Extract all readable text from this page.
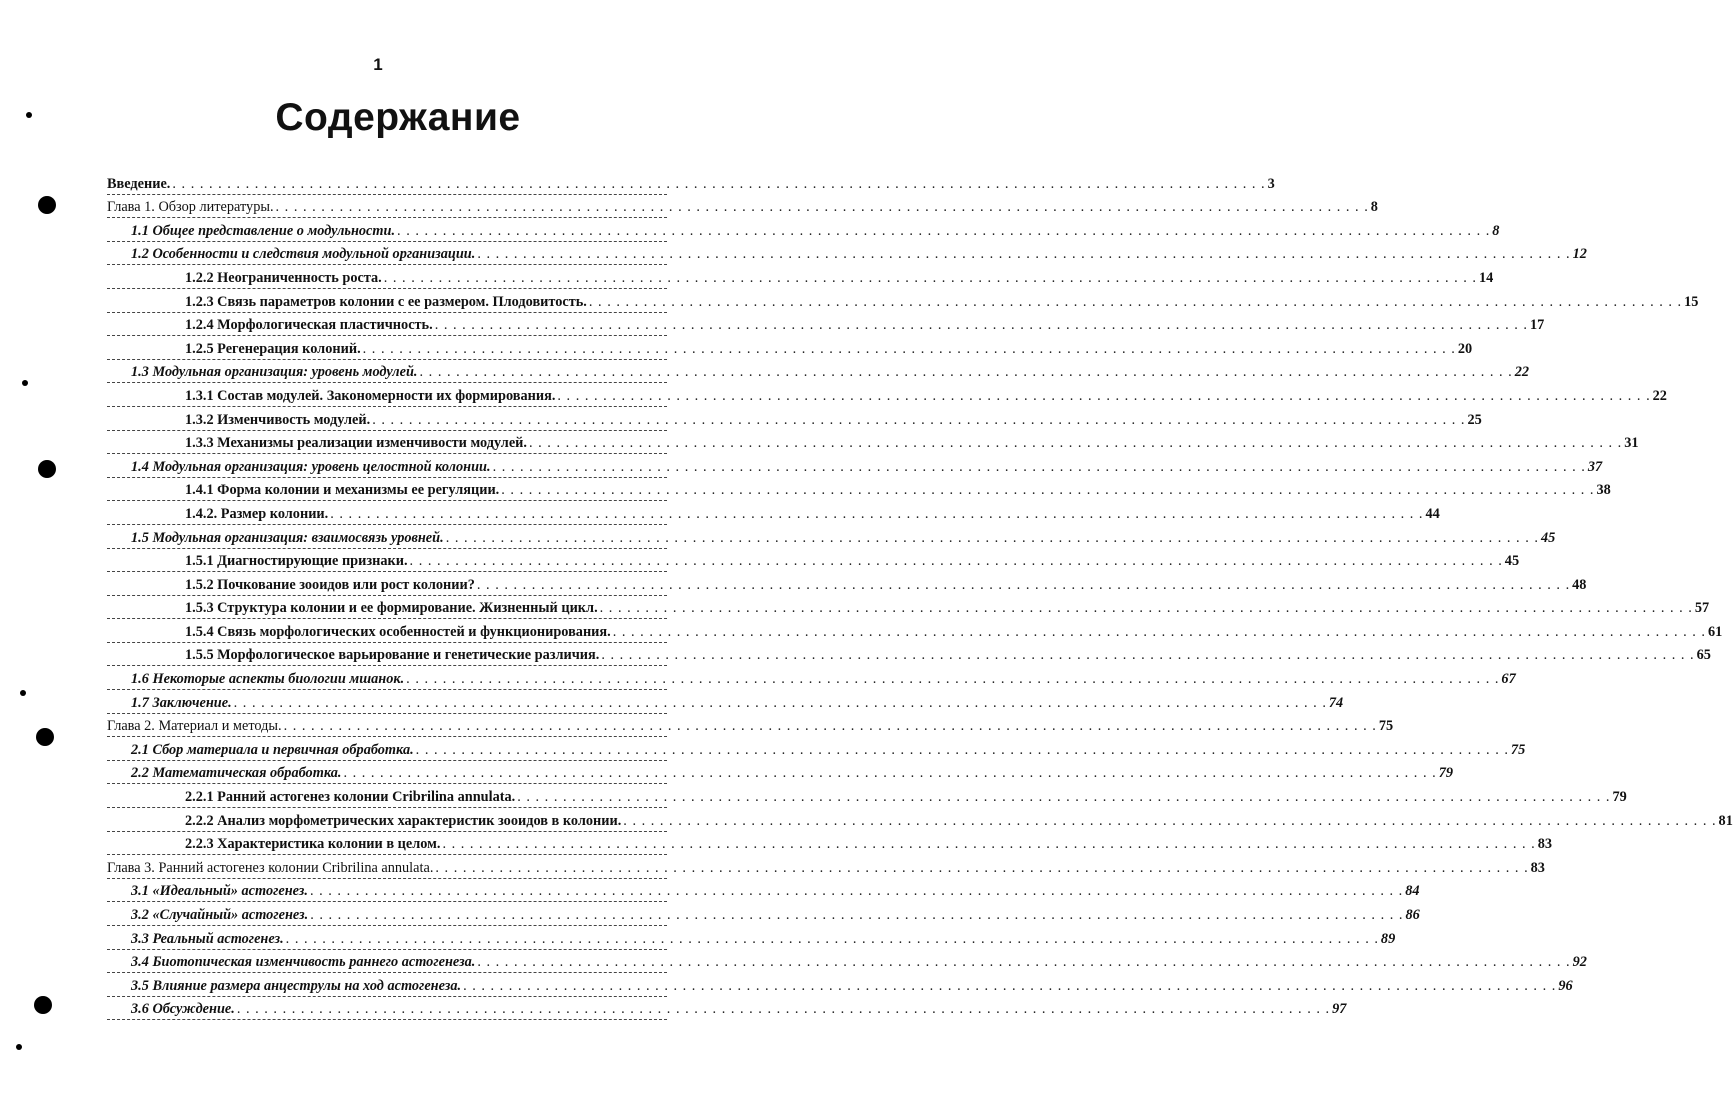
1
Содержание
Введение. . . . . . . . . . . . . . . . . . . . . . . . . . . . . . . . . . . . . . . . . . . . . . . . . . . . . . . . . . . . . . . . . . . . . . . . . . . . . . . . . . . . . . . . . . . . . . . . . . . . . . . . . . . . . . . . . . . . . . . . . 3
Глава 1. Обзор литературы. . . . . . . . . . . . . . . . . . . . . . . . . . . . . . . . . . . . . . . . . . . . . . . . . . . . . . . . . . . . . . . . . . . . . . . . . . . . . . . . . . . . . . . . . . . . . . . . . . . . . . . . . . . . . . . . . . . . . . . . . 8
1.1 Общее представление о модульности. . . . . . . . . . . . . . . . . . . . . . . . . . . . . . . . . . . . . . . . . . . . . . . . . . . . . . . . . . . . . . . . . . . . . . . . . . . . . . . . . . . . . . . . . . . . . . . . . . . . . . . . . . . . . . . . . . . . . . . . . 8
1.2 Особенности и следствия модульной организации. . . . . . . . . . . . . . . . . . . . . . . . . . . . . . . . . . . . . . . . . . . . . . . . . . . . . . . . . . . . . . . . . . . . . . . . . . . . . . . . . . . . . . . . . . . . . . . . . . . . . . . . . . . . . . . . . . . . . . . . . 12
1.2.2 Неограниченность роста. . . . . . . . . . . . . . . . . . . . . . . . . . . . . . . . . . . . . . . . . . . . . . . . . . . . . . . . . . . . . . . . . . . . . . . . . . . . . . . . . . . . . . . . . . . . . . . . . . . . . . . . . . . . . . . . . . . . . . . . . 14
1.2.3 Связь параметров колонии с ее размером. Плодовитость. . . . . . . . . . . . . . . . . . . . . . . . . . . . . . . . . . . . . . . . . . . . . . . . . . . . . . . . . . . . . . . . . . . . . . . . . . . . . . . . . . . . . . . . . . . . . . . . . . . . . . . . . . . . . . . . . . . . . . . . . 15
1.2.4 Морфологическая пластичность. . . . . . . . . . . . . . . . . . . . . . . . . . . . . . . . . . . . . . . . . . . . . . . . . . . . . . . . . . . . . . . . . . . . . . . . . . . . . . . . . . . . . . . . . . . . . . . . . . . . . . . . . . . . . . . . . . . . . . . . . 17
1.2.5 Регенерация колоний. . . . . . . . . . . . . . . . . . . . . . . . . . . . . . . . . . . . . . . . . . . . . . . . . . . . . . . . . . . . . . . . . . . . . . . . . . . . . . . . . . . . . . . . . . . . . . . . . . . . . . . . . . . . . . . . . . . . . . . . . 20
1.3 Модульная организация: уровень модулей. . . . . . . . . . . . . . . . . . . . . . . . . . . . . . . . . . . . . . . . . . . . . . . . . . . . . . . . . . . . . . . . . . . . . . . . . . . . . . . . . . . . . . . . . . . . . . . . . . . . . . . . . . . . . . . . . . . . . . . . . 22
1.3.1 Состав модулей. Закономерности их формирования. . . . . . . . . . . . . . . . . . . . . . . . . . . . . . . . . . . . . . . . . . . . . . . . . . . . . . . . . . . . . . . . . . . . . . . . . . . . . . . . . . . . . . . . . . . . . . . . . . . . . . . . . . . . . . . . . . . . . . . . . 22
1.3.2 Изменчивость модулей. . . . . . . . . . . . . . . . . . . . . . . . . . . . . . . . . . . . . . . . . . . . . . . . . . . . . . . . . . . . . . . . . . . . . . . . . . . . . . . . . . . . . . . . . . . . . . . . . . . . . . . . . . . . . . . . . . . . . . . . . 25
1.3.3 Механизмы реализации изменчивости модулей. . . . . . . . . . . . . . . . . . . . . . . . . . . . . . . . . . . . . . . . . . . . . . . . . . . . . . . . . . . . . . . . . . . . . . . . . . . . . . . . . . . . . . . . . . . . . . . . . . . . . . . . . . . . . . . . . . . . . . . . . 31
1.4 Модульная организация: уровень целостной колонии. . . . . . . . . . . . . . . . . . . . . . . . . . . . . . . . . . . . . . . . . . . . . . . . . . . . . . . . . . . . . . . . . . . . . . . . . . . . . . . . . . . . . . . . . . . . . . . . . . . . . . . . . . . . . . . . . . . . . . . . . 37
1.4.1 Форма колонии и механизмы ее регуляции. . . . . . . . . . . . . . . . . . . . . . . . . . . . . . . . . . . . . . . . . . . . . . . . . . . . . . . . . . . . . . . . . . . . . . . . . . . . . . . . . . . . . . . . . . . . . . . . . . . . . . . . . . . . . . . . . . . . . . . . . 38
1.4.2. Размер колонии. . . . . . . . . . . . . . . . . . . . . . . . . . . . . . . . . . . . . . . . . . . . . . . . . . . . . . . . . . . . . . . . . . . . . . . . . . . . . . . . . . . . . . . . . . . . . . . . . . . . . . . . . . . . . . . . . . . . . . . . . 44
1.5 Модульная организация: взаимосвязь уровней. . . . . . . . . . . . . . . . . . . . . . . . . . . . . . . . . . . . . . . . . . . . . . . . . . . . . . . . . . . . . . . . . . . . . . . . . . . . . . . . . . . . . . . . . . . . . . . . . . . . . . . . . . . . . . . . . . . . . . . . . 45
1.5.1 Диагностирующие признаки. . . . . . . . . . . . . . . . . . . . . . . . . . . . . . . . . . . . . . . . . . . . . . . . . . . . . . . . . . . . . . . . . . . . . . . . . . . . . . . . . . . . . . . . . . . . . . . . . . . . . . . . . . . . . . . . . . . . . . . . . 45
1.5.2 Почкование зооидов или рост колонии? . . . . . . . . . . . . . . . . . . . . . . . . . . . . . . . . . . . . . . . . . . . . . . . . . . . . . . . . . . . . . . . . . . . . . . . . . . . . . . . . . . . . . . . . . . . . . . . . . . . . . . . . . . . . . . . . . . . . . . . . 48
1.5.3 Структура колонии и ее формирование. Жизненный цикл. . . . . . . . . . . . . . . . . . . . . . . . . . . . . . . . . . . . . . . . . . . . . . . . . . . . . . . . . . . . . . . . . . . . . . . . . . . . . . . . . . . . . . . . . . . . . . . . . . . . . . . . . . . . . . . . . . . . . . . . . 57
1.5.4 Связь морфологических особенностей и функционирования. . . . . . . . . . . . . . . . . . . . . . . . . . . . . . . . . . . . . . . . . . . . . . . . . . . . . . . . . . . . . . . . . . . . . . . . . . . . . . . . . . . . . . . . . . . . . . . . . . . . . . . . . . . . . . . . . . . . . . . . . 61
1.5.5 Морфологическое варьирование и генетические различия. . . . . . . . . . . . . . . . . . . . . . . . . . . . . . . . . . . . . . . . . . . . . . . . . . . . . . . . . . . . . . . . . . . . . . . . . . . . . . . . . . . . . . . . . . . . . . . . . . . . . . . . . . . . . . . . . . . . . . . . . 65
1.6 Некоторые аспекты биологии мшанок. . . . . . . . . . . . . . . . . . . . . . . . . . . . . . . . . . . . . . . . . . . . . . . . . . . . . . . . . . . . . . . . . . . . . . . . . . . . . . . . . . . . . . . . . . . . . . . . . . . . . . . . . . . . . . . . . . . . . . . . . 67
1.7 Заключение. . . . . . . . . . . . . . . . . . . . . . . . . . . . . . . . . . . . . . . . . . . . . . . . . . . . . . . . . . . . . . . . . . . . . . . . . . . . . . . . . . . . . . . . . . . . . . . . . . . . . . . . . . . . . . . . . . . . . . . . . 74
Глава 2. Материал и методы. . . . . . . . . . . . . . . . . . . . . . . . . . . . . . . . . . . . . . . . . . . . . . . . . . . . . . . . . . . . . . . . . . . . . . . . . . . . . . . . . . . . . . . . . . . . . . . . . . . . . . . . . . . . . . . . . . . . . . . . . 75
2.1 Сбор материала и первичная обработка. . . . . . . . . . . . . . . . . . . . . . . . . . . . . . . . . . . . . . . . . . . . . . . . . . . . . . . . . . . . . . . . . . . . . . . . . . . . . . . . . . . . . . . . . . . . . . . . . . . . . . . . . . . . . . . . . . . . . . . . . 75
2.2 Математическая обработка. . . . . . . . . . . . . . . . . . . . . . . . . . . . . . . . . . . . . . . . . . . . . . . . . . . . . . . . . . . . . . . . . . . . . . . . . . . . . . . . . . . . . . . . . . . . . . . . . . . . . . . . . . . . . . . . . . . . . . . . . 79
2.2.1 Ранний астогенез колонии Cribrilina annulata. . . . . . . . . . . . . . . . . . . . . . . . . . . . . . . . . . . . . . . . . . . . . . . . . . . . . . . . . . . . . . . . . . . . . . . . . . . . . . . . . . . . . . . . . . . . . . . . . . . . . . . . . . . . . . . . . . . . . . . . . 79
2.2.2 Анализ морфометрических характеристик зооидов в колонии. . . . . . . . . . . . . . . . . . . . . . . . . . . . . . . . . . . . . . . . . . . . . . . . . . . . . . . . . . . . . . . . . . . . . . . . . . . . . . . . . . . . . . . . . . . . . . . . . . . . . . . . . . . . . . . . . . . . . . . . . 81
2.2.3 Характеристика колонии в целом. . . . . . . . . . . . . . . . . . . . . . . . . . . . . . . . . . . . . . . . . . . . . . . . . . . . . . . . . . . . . . . . . . . . . . . . . . . . . . . . . . . . . . . . . . . . . . . . . . . . . . . . . . . . . . . . . . . . . . . . . 83
Глава 3. Ранний астогенез колонии Cribrilina annulata. . . . . . . . . . . . . . . . . . . . . . . . . . . . . . . . . . . . . . . . . . . . . . . . . . . . . . . . . . . . . . . . . . . . . . . . . . . . . . . . . . . . . . . . . . . . . . . . . . . . . . . . . . . . . . . . . . . . . . . . . 83
3.1 «Идеальный» астогенез. . . . . . . . . . . . . . . . . . . . . . . . . . . . . . . . . . . . . . . . . . . . . . . . . . . . . . . . . . . . . . . . . . . . . . . . . . . . . . . . . . . . . . . . . . . . . . . . . . . . . . . . . . . . . . . . . . . . . . . . . 84
3.2 «Случайный» астогенез. . . . . . . . . . . . . . . . . . . . . . . . . . . . . . . . . . . . . . . . . . . . . . . . . . . . . . . . . . . . . . . . . . . . . . . . . . . . . . . . . . . . . . . . . . . . . . . . . . . . . . . . . . . . . . . . . . . . . . . . . 86
3.3 Реальный астогенез. . . . . . . . . . . . . . . . . . . . . . . . . . . . . . . . . . . . . . . . . . . . . . . . . . . . . . . . . . . . . . . . . . . . . . . . . . . . . . . . . . . . . . . . . . . . . . . . . . . . . . . . . . . . . . . . . . . . . . . . . 89
3.4 Биотопическая изменчивость раннего астогенеза. . . . . . . . . . . . . . . . . . . . . . . . . . . . . . . . . . . . . . . . . . . . . . . . . . . . . . . . . . . . . . . . . . . . . . . . . . . . . . . . . . . . . . . . . . . . . . . . . . . . . . . . . . . . . . . . . . . . . . . . . 92
3.5 Влияние размера анцеструлы на ход астогенеза. . . . . . . . . . . . . . . . . . . . . . . . . . . . . . . . . . . . . . . . . . . . . . . . . . . . . . . . . . . . . . . . . . . . . . . . . . . . . . . . . . . . . . . . . . . . . . . . . . . . . . . . . . . . . . . . . . . . . . . . . 96
3.6 Обсуждение. . . . . . . . . . . . . . . . . . . . . . . . . . . . . . . . . . . . . . . . . . . . . . . . . . . . . . . . . . . . . . . . . . . . . . . . . . . . . . . . . . . . . . . . . . . . . . . . . . . . . . . . . . . . . . . . . . . . . . . . . 97
